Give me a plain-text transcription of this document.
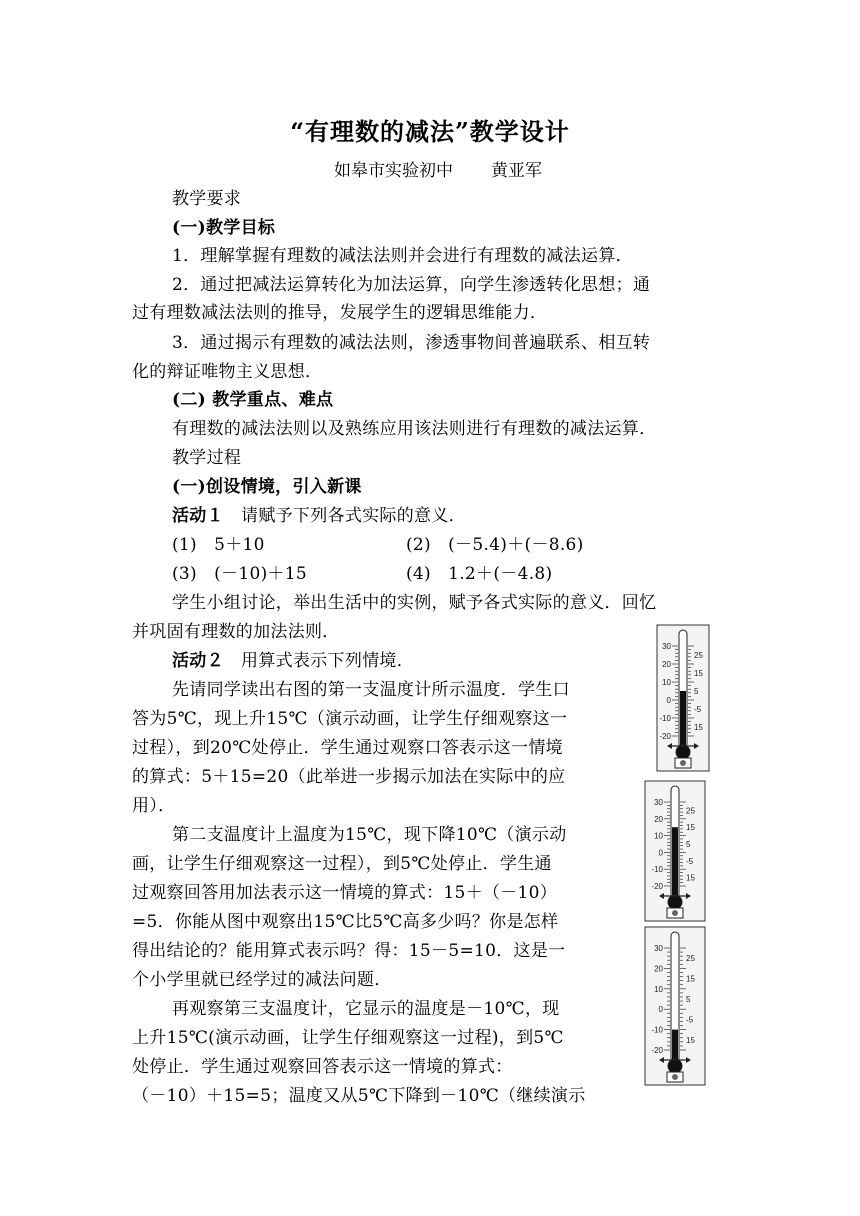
“有理数的减法”教学设计
如皋市实验初中 黄亚军
教学要求
(一)教学目标
1．理解掌握有理数的减法法则并会进行有理数的减法运算．
2．通过把减法运算转化为加法运算，向学生渗透转化思想；通
过有理数减法法则的推导，发展学生的逻辑思维能力．
3．通过揭示有理数的减法法则，渗透事物间普遍联系、相互转
化的辩证唯物主义思想．
(二) 教学重点、难点
有理数的减法法则以及熟练应用该法则进行有理数的减法运算．
教学过程
(一)创设情境，引入新课
活动１ 请赋予下列各式实际的意义．
(1) 5＋10	(2) (－5.4)＋(－8.6)
(3) (－10)＋15	(4) 1.2＋(－4.8)
学生小组讨论，举出生活中的实例，赋予各式实际的意义．回忆
并巩固有理数的加法法则．
活动２ 用算式表示下列情境．
先请同学读出右图的第一支温度计所示温度．学生口
答为5℃，现上升15℃（演示动画，让学生仔细观察这一
过程），到20℃处停止．学生通过观察口答表示这一情境
的算式：5＋15=20（此举进一步揭示加法在实际中的应
用）．
第二支温度计上温度为15℃，现下降10℃（演示动
画，让学生仔细观察这一过程），到5℃处停止．学生通
过观察回答用加法表示这一情境的算式：15＋（－10）
=5．你能从图中观察出15℃比5℃高多少吗？你是怎样
得出结论的？能用算式表示吗？得：15－5=10．这是一
个小学里就已经学过的减法问题．
再观察第三支温度计，它显示的温度是－10℃，现
上升15℃(演示动画，让学生仔细观察这一过程)，到5℃
处停止．学生通过观察回答表示这一情境的算式：
（－10）＋15=5；温度又从5℃下降到－10℃（继续演示
30
20
10
0
-10
-20
25
15
5
-5
15
30
20
10
0
-10
-20
25
15
5
-5
15
30
20
10
0
-10
-20
25
15
5
-5
15
